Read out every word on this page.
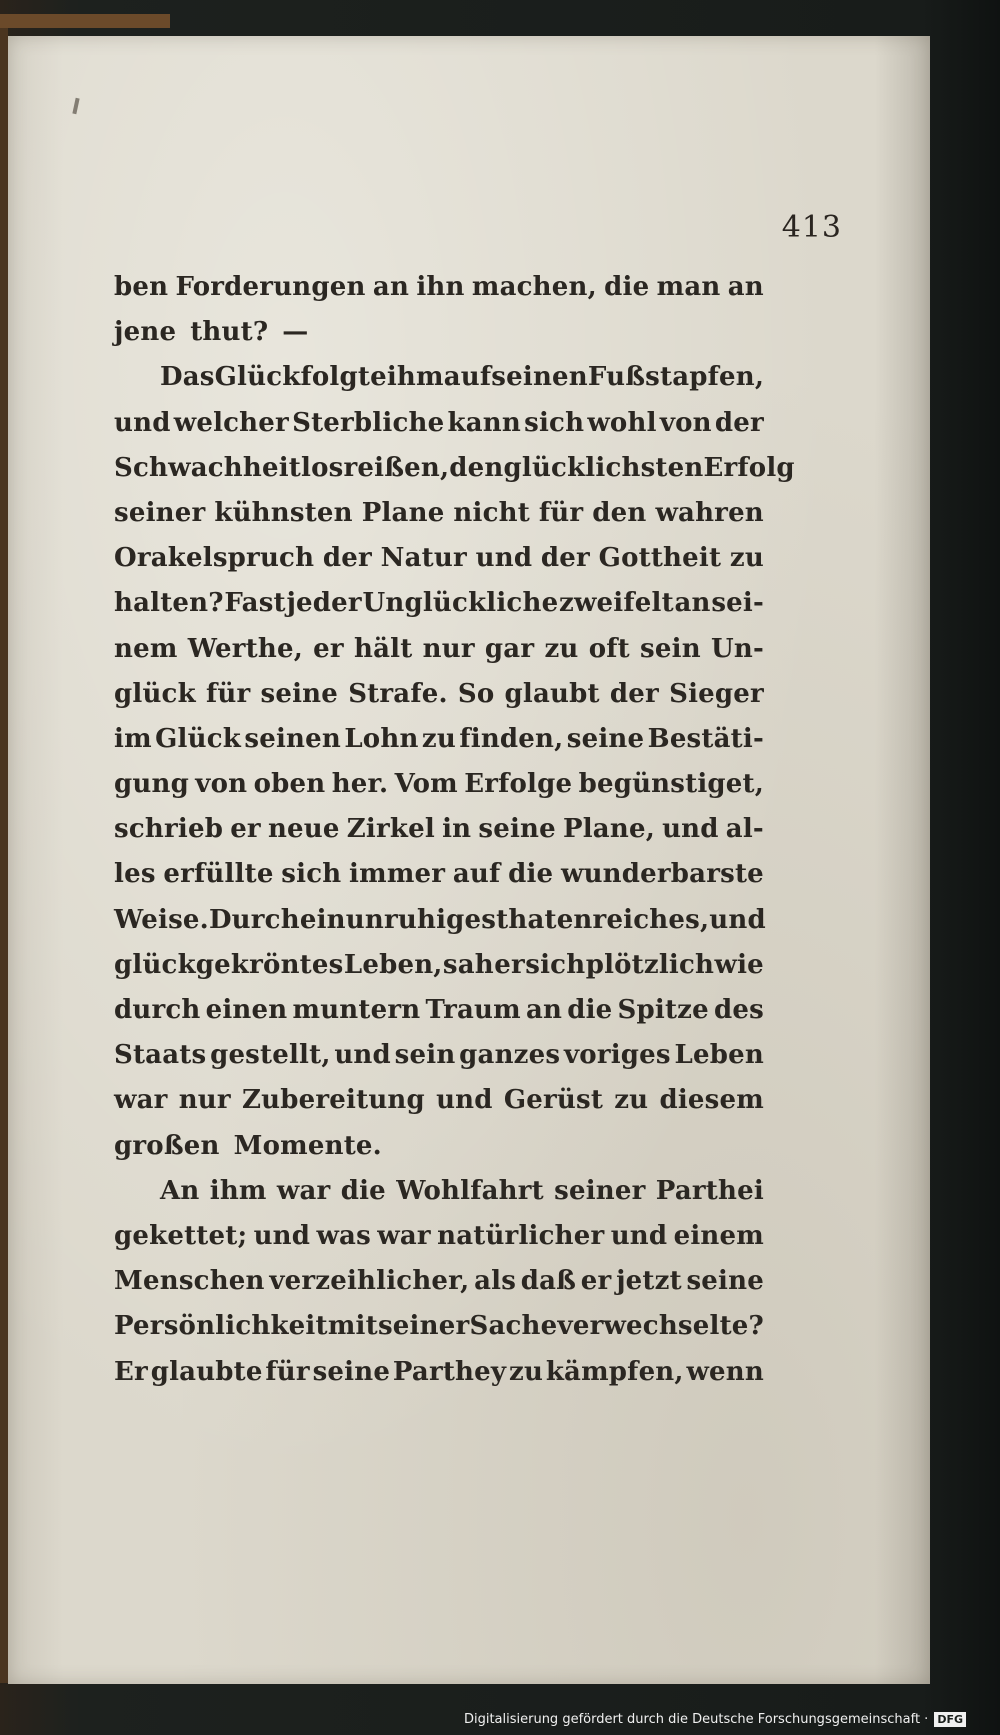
413
ben Forderungen an ihn machen, die man an
jene thut? —
Das Glück folgte ihm auf seinen Fußstapfen,
und welcher Sterbliche kann sich wohl von der
Schwachheit losreißen, den glücklichsten Erfolg
seiner kühnsten Plane nicht für den wahren
Orakelspruch der Natur und der Gottheit zu
halten? Fast jeder Unglückliche zweifelt an sei-
nem Werthe, er hält nur gar zu oft sein Un-
glück für seine Strafe. So glaubt der Sieger
im Glück seinen Lohn zu finden, seine Bestäti-
gung von oben her. Vom Erfolge begünstiget,
schrieb er neue Zirkel in seine Plane, und al-
les erfüllte sich immer auf die wunderbarste
Weise. Durch ein unruhiges thatenreiches, und
glückgekröntes Leben, sah er sich plötzlich wie
durch einen muntern Traum an die Spitze des
Staats gestellt, und sein ganzes voriges Leben
war nur Zubereitung und Gerüst zu diesem
großen Momente.
An ihm war die Wohlfahrt seiner Parthei
gekettet; und was war natürlicher und einem
Menschen verzeihlicher, als daß er jetzt seine
Persönlichkeit mit seiner Sache verwechselte?
Er glaubte für seine Parthey zu kämpfen, wenn
Digitalisierung gefördert durch die Deutsche Forschungsgemeinschaft · DFG
